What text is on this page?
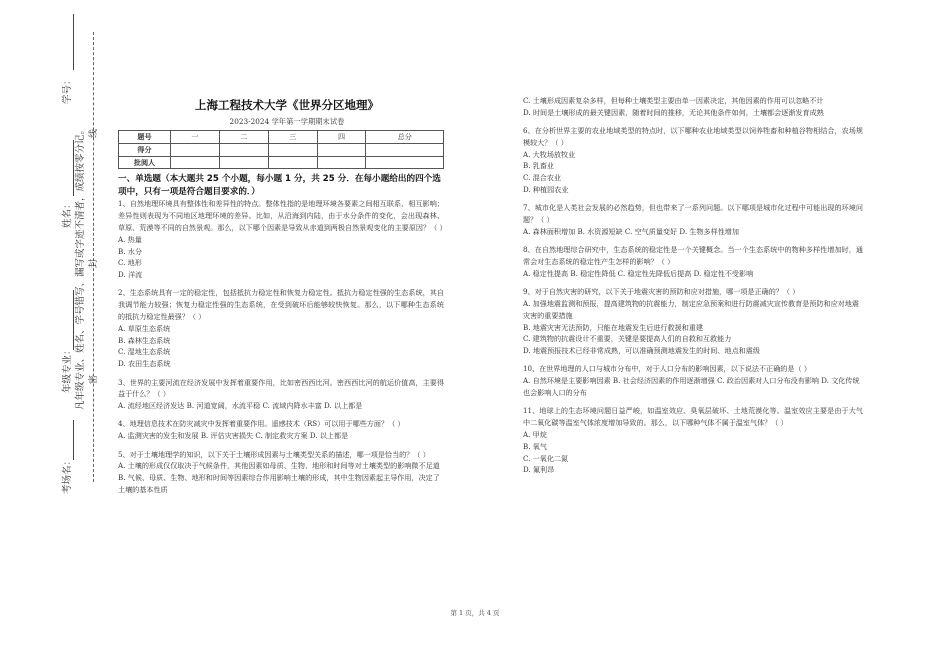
学号：
凡年级专业、姓名、学号错写、漏写或字迹不清者，成绩按零分记。
姓名：
年级专业：
考场名：
线
封
密
上海工程技术大学《世界分区地理》
2023-2024 学年第一学期期末试卷
题号	一	二	三	四	总分
得分					
批阅人					
一、单选题（本大题共 25 个小题，每小题 1 分，共 25 分．在每小题给出的四个选项中，只有一项是符合题目要求的．）
1、自然地理环境具有整体性和差异性的特点。整体性指的是地理环境各要素之间相互联系、相互影响；差异性则表现为不同地区地理环境的差异。比如，从沿海到内陆，由于水分条件的变化，会出现森林、草原、荒漠等不同的自然景观。那么，以下哪个因素是导致从赤道到两极自然景观变化的主要原因？（ ）
A. 热量
B. 水分
C. 地形
D. 洋流
2、生态系统具有一定的稳定性，包括抵抗力稳定性和恢复力稳定性。抵抗力稳定性强的生态系统，其自我调节能力较强；恢复力稳定性强的生态系统，在受到破坏后能够较快恢复。那么，以下哪种生态系统的抵抗力稳定性最强？（ ）
A. 草原生态系统
B. 森林生态系统
C. 湿地生态系统
D. 农田生态系统
3、世界的主要河流在经济发展中发挥着重要作用，比如密西西比河。密西西比河的航运价值高，主要得益于什么？（ ）
A. 流经地区经济发达 B. 河道宽阔，水流平稳 C. 流域内降水丰富 D. 以上都是
4、地理信息技术在防灾减灾中发挥着重要作用。遥感技术（RS）可以用于哪些方面？（ ）
A. 监测灾害的发生和发展 B. 评估灾害损失 C. 制定救灾方案 D. 以上都是
5、对于土壤地理学的知识，以下关于土壤形成因素与土壤类型关系的描述，哪一项是恰当的？（ ）
A. 土壤的形成仅仅取决于气候条件，其他因素如母质、生物、地形和时间等对土壤类型的影响微不足道
B. 气候、母质、生物、地形和时间等因素综合作用影响土壤的形成，其中生物因素起主导作用，决定了土壤的基本性质
C. 土壤形成因素复杂多样，但每种土壤类型主要由单一因素决定，其他因素的作用可以忽略不计
D. 时间是土壤形成的最关键因素，随着时间的推移，无论其他条件如何，土壤都会逐渐发育成熟
6、在分析世界主要的农业地域类型的特点时，以下哪种农业地域类型以饲养牲畜和种植谷物相结合，农场规模较大？（ ）
A. 大牧场放牧业
B. 乳畜业
C. 混合农业
D. 种植园农业
7、城市化是人类社会发展的必然趋势，但也带来了一系列问题。以下哪项是城市化过程中可能出现的环境问题？（ ）
A. 森林面积增加 B. 水资源短缺 C. 空气质量变好 D. 生物多样性增加
8、在自然地理综合研究中，生态系统的稳定性是一个关键概念。当一个生态系统中的物种多样性增加时，通常会对生态系统的稳定性产生怎样的影响？（ ）
A. 稳定性提高 B. 稳定性降低 C. 稳定性先降低后提高 D. 稳定性不受影响
9、对于自然灾害的研究，以下关于地震灾害的预防和应对措施，哪一项是正确的？（ ）
A. 加强地震监测和预报，提高建筑物的抗震能力，制定应急预案和进行防震减灾宣传教育是预防和应对地震灾害的重要措施
B. 地震灾害无法预防，只能在地震发生后进行救援和重建
C. 建筑物的抗震设计不重要，关键是要提高人们的自救和互救能力
D. 地震预报技术已经非常成熟，可以准确预测地震发生的时间、地点和震级
10、在世界地理的人口与城市分布中，对于人口分布的影响因素，以下说法不正确的是（ ）
A. 自然环境是主要影响因素 B. 社会经济因素的作用逐渐增强 C. 政治因素对人口分布没有影响 D. 文化传统也会影响人口的分布
11、地球上的生态环境问题日益严峻，如温室效应、臭氧层破坏、土地荒漠化等。温室效应主要是由于大气中二氧化碳等温室气体浓度增加导致的。那么，以下哪种气体不属于温室气体？（ ）
A. 甲烷
B. 氧气
C. 一氧化二氮
D. 氟利昂
第 1 页，共 4 页
